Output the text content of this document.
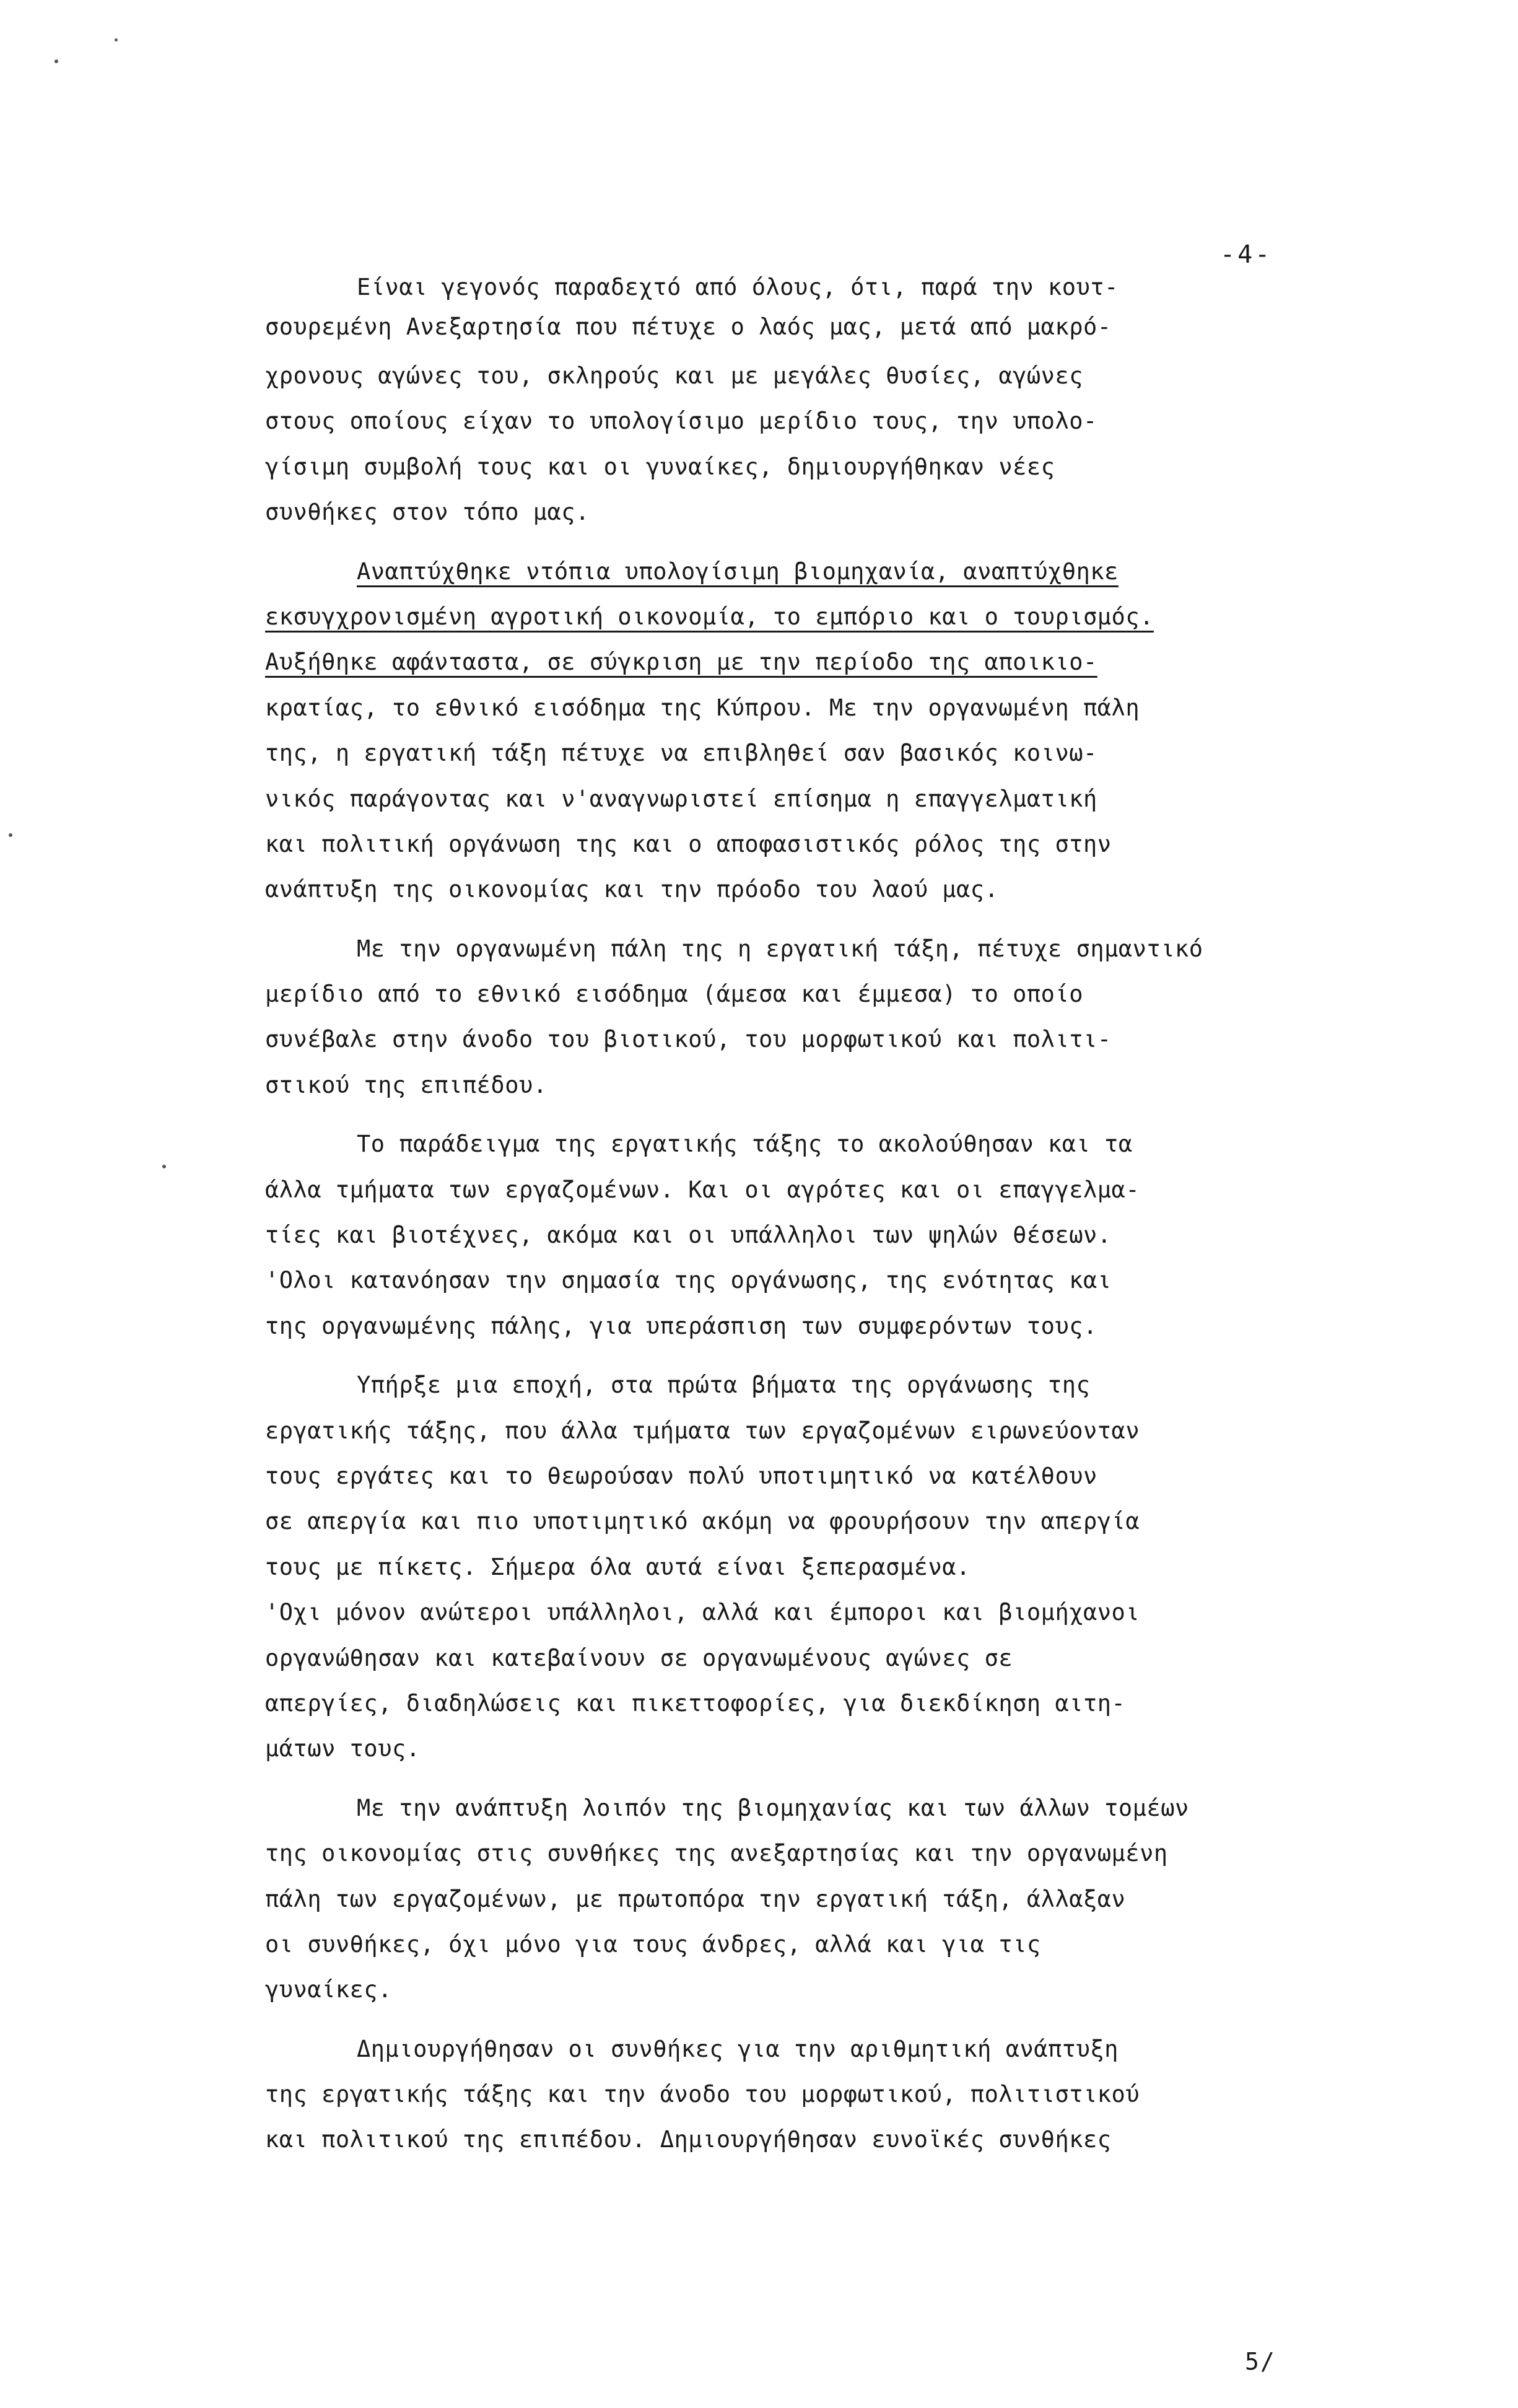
-4-
Είναι γεγονός παραδεχτό από όλους, ότι, παρά την κουτ-
σουρεμένη Ανεξαρτησία που πέτυχε ο λαός μας, μετά από μακρό-
χρονους αγώνες του, σκληρούς και με μεγάλες θυσίες, αγώνες
στους οποίους είχαν το υπολογίσιμο μερίδιο τους, την υπολο-
γίσιμη συμβολή τους και οι γυναίκες, δημιουργήθηκαν νέες
συνθήκες στον τόπο μας.
Αναπτύχθηκε ντόπια υπολογίσιμη βιομηχανία, αναπτύχθηκε
εκσυγχρονισμένη αγροτική οικονομία, το εμπόριο και ο τουρισμός.
Αυξήθηκε αφάνταστα, σε σύγκριση με την περίοδο της αποικιο-
κρατίας, το εθνικό εισόδημα της Κύπρου. Με την οργανωμένη πάλη
της, η εργατική τάξη πέτυχε να επιβληθεί σαν βασικός κοινω-
νικός παράγοντας και ν'αναγνωριστεί επίσημα η επαγγελματική
και πολιτική οργάνωση της και ο αποφασιστικός ρόλος της στην
ανάπτυξη της οικονομίας και την πρόοδο του λαού μας.
Με την οργανωμένη πάλη της η εργατική τάξη, πέτυχε σημαντικό
μερίδιο από το εθνικό εισόδημα (άμεσα και έμμεσα) το οποίο
συνέβαλε στην άνοδο του βιοτικού, του μορφωτικού και πολιτι-
στικού της επιπέδου.
Το παράδειγμα της εργατικής τάξης το ακολούθησαν και τα
άλλα τμήματα των εργαζομένων. Και οι αγρότες και οι επαγγελμα-
τίες και βιοτέχνες, ακόμα και οι υπάλληλοι των ψηλών θέσεων.
'Ολοι κατανόησαν την σημασία της οργάνωσης, της ενότητας και
της οργανωμένης πάλης, για υπεράσπιση των συμφερόντων τους.
Υπήρξε μια εποχή, στα πρώτα βήματα της οργάνωσης της
εργατικής τάξης, που άλλα τμήματα των εργαζομένων ειρωνεύονταν
τους εργάτες και το θεωρούσαν πολύ υποτιμητικό να κατέλθουν
σε απεργία και πιο υποτιμητικό ακόμη να φρουρήσουν την απεργία
τους με πίκετς. Σήμερα όλα αυτά είναι ξεπερασμένα.
'Οχι μόνον ανώτεροι υπάλληλοι, αλλά και έμποροι και βιομήχανοι
οργανώθησαν και κατεβαίνουν σε οργανωμένους αγώνες σε
απεργίες, διαδηλώσεις και πικεττοφορίες, για διεκδίκηση αιτη-
μάτων τους.
Με την ανάπτυξη λοιπόν της βιομηχανίας και των άλλων τομέων
της οικονομίας στις συνθήκες της ανεξαρτησίας και την οργανωμένη
πάλη των εργαζομένων, με πρωτοπόρα την εργατική τάξη, άλλαξαν
οι συνθήκες, όχι μόνο για τους άνδρες, αλλά και για τις
γυναίκες.
Δημιουργήθησαν οι συνθήκες για την αριθμητική ανάπτυξη
της εργατικής τάξης και την άνοδο του μορφωτικού, πολιτιστικού
και πολιτικού της επιπέδου. Δημιουργήθησαν ευνοϊκές συνθήκες
5/
